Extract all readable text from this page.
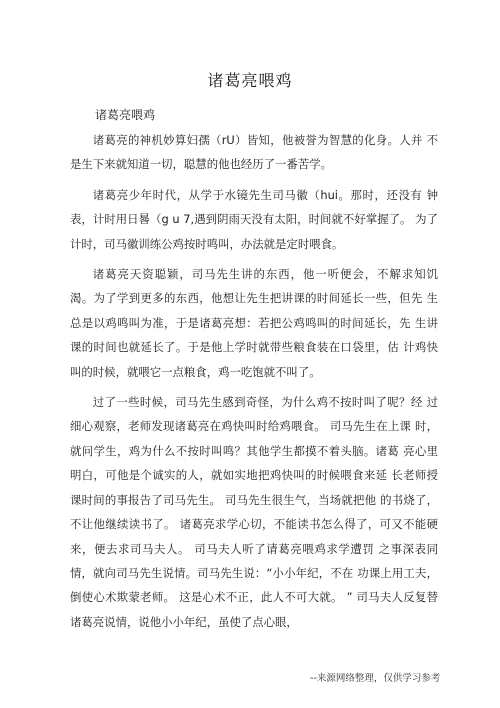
诸葛亮喂鸡
诸葛亮喂鸡

诸葛亮的神机妙算妇孺（rU）皆知，他被誉为智慧的化身。人并 不是生下来就知道一切，聪慧的他也经历了一番苦学。

诸葛亮少年时代，从学于水镜先生司马徽（hui。那时，还没有 钟表，计时用日晷（g u 7,遇到阴雨天没有太阳，时间就不好掌握了。 为了计时，司马徽训练公鸡按时鸣叫，办法就是定时喂食。

诸葛亮天资聪颖，司马先生讲的东西，他一听便会，不解求知饥 渴。为了学到更多的东西，他想让先生把讲课的时间延长一些，但先 生总是以鸡鸣叫为准，于是诸葛亮想：若把公鸡鸣叫的时间延长，先 生讲课的时间也就延长了。于是他上学时就带些粮食装在口袋里，估 计鸡快叫的时候，就喂它一点粮食，鸡一吃饱就不叫了。

过了一些时候，司马先生感到奇怪，为什么鸡不按时叫了呢？经 过细心观察，老师发现诸葛亮在鸡快叫时给鸡喂食。 司马先生在上课 时，就问学生，鸡为什么不按时叫鸣？其他学生都摸不着头脑。诸葛 亮心里明白，可他是个诚实的人，就如实地把鸡快叫的时候喂食来延 长老师授课时间的事报告了司马先生。 司马先生很生气，当场就把他 的书烧了，不让他继续读书了。 诸葛亮求学心切，不能读书怎么得了，可又不能硬来，便去求司马夫人。 司马夫人听了请葛亮喂鸡求学遭罚 之事深表同情，就向司马先生说情。司马先生说：“小小年纪，不在 功课上用工夫，倒使心术欺蒙老师。 这是心术不正，此人不可大就。 ” 司马夫人反复替诸葛亮说情，说他小小年纪，虽使了点心眼，

--来源网络整理，仅供学习参考
